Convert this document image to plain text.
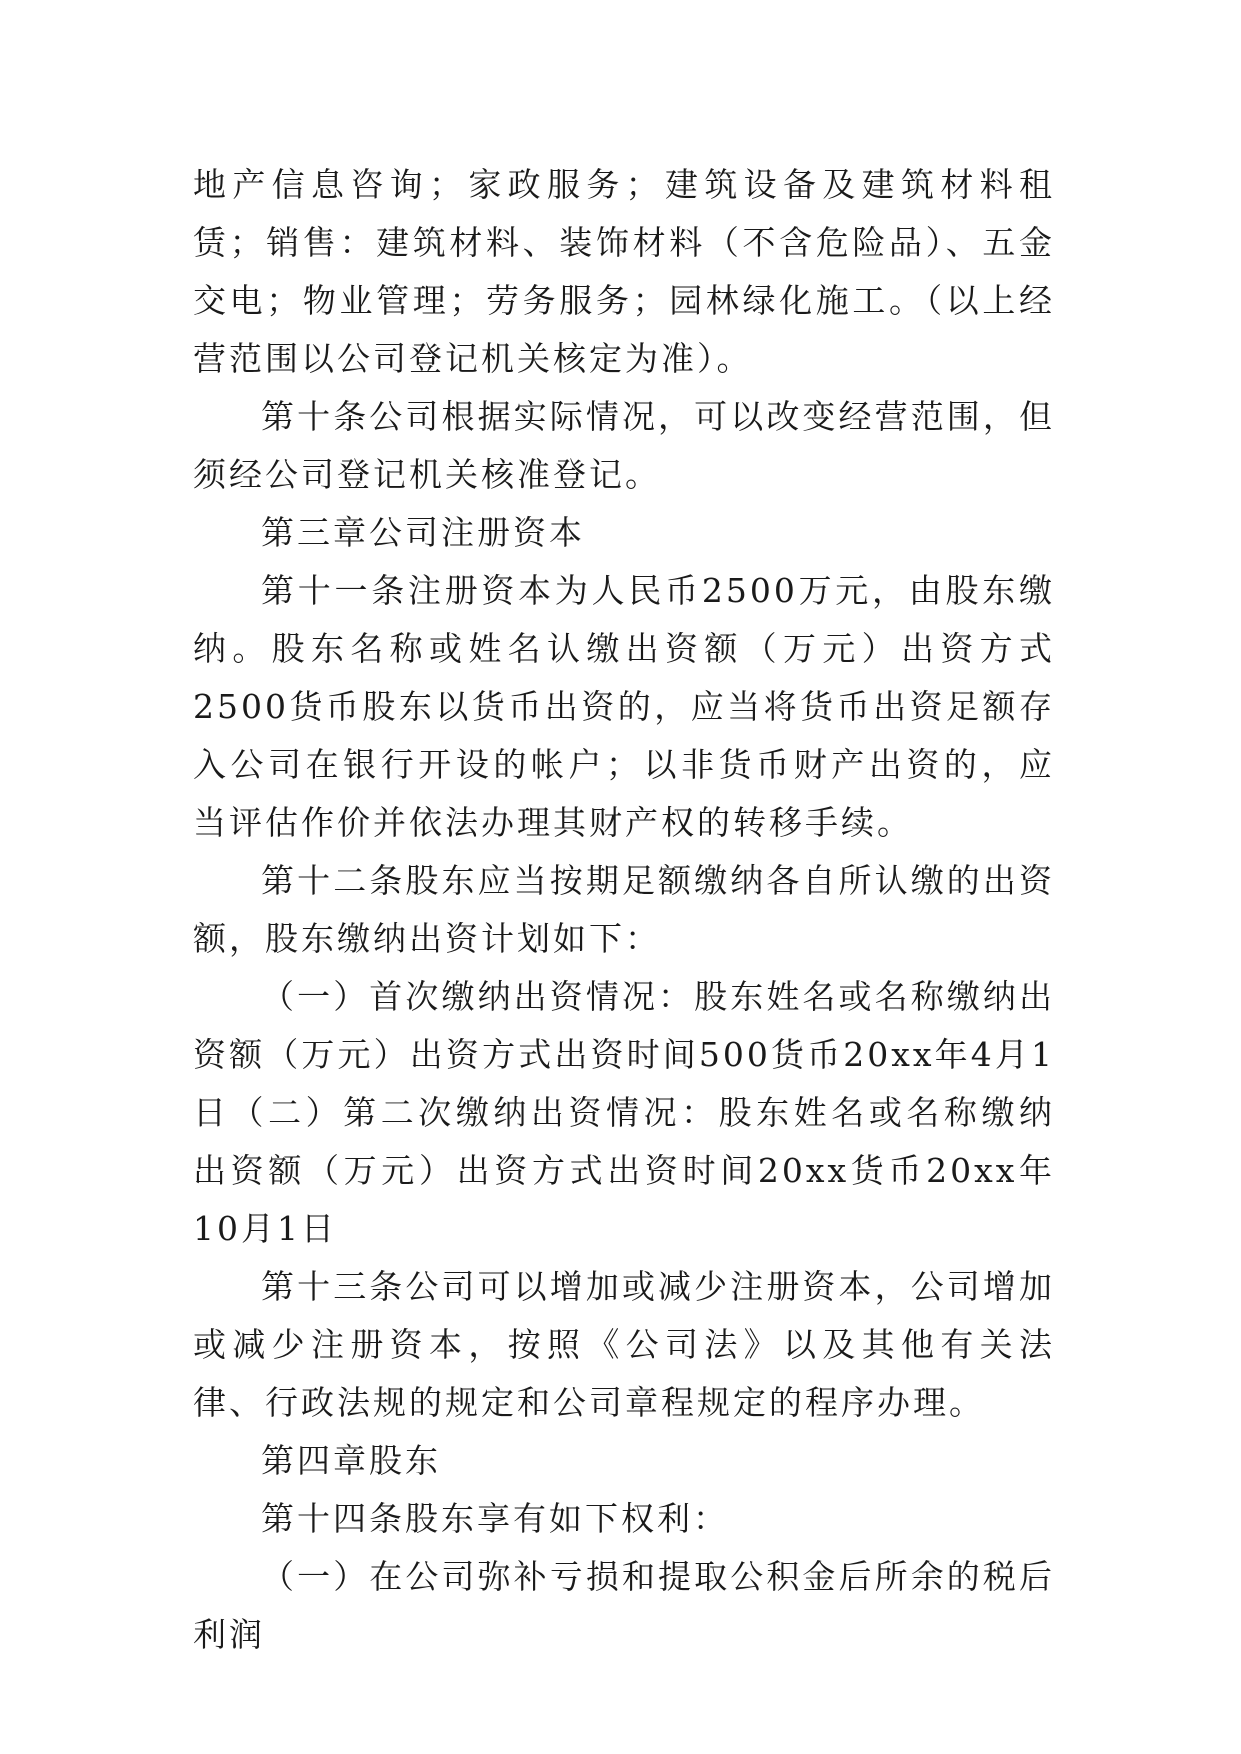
地产信息咨询；家政服务；建筑设备及建筑材料租赁；销售：建筑材料、装饰材料（不含危险品）、五金交电；物业管理；劳务服务；园林绿化施工。（以上经营范围以公司登记机关核定为准）。

第十条公司根据实际情况，可以改变经营范围，但须经公司登记机关核准登记。

第三章公司注册资本

第十一条注册资本为人民币2500万元，由股东缴纳。股东名称或姓名认缴出资额（万元）出资方式2500货币股东以货币出资的，应当将货币出资足额存入公司在银行开设的帐户；以非货币财产出资的，应当评估作价并依法办理其财产权的转移手续。

第十二条股东应当按期足额缴纳各自所认缴的出资额，股东缴纳出资计划如下：

（一）首次缴纳出资情况：股东姓名或名称缴纳出资额（万元）出资方式出资时间500货币20xx年4月1日（二）第二次缴纳出资情况：股东姓名或名称缴纳出资额（万元）出资方式出资时间20xx货币20xx年10月1日

第十三条公司可以增加或减少注册资本，公司增加或减少注册资本，按照《公司法》以及其他有关法律、行政法规的规定和公司章程规定的程序办理。

第四章股东

第十四条股东享有如下权利：

（一）在公司弥补亏损和提取公积金后所余的税后利润
